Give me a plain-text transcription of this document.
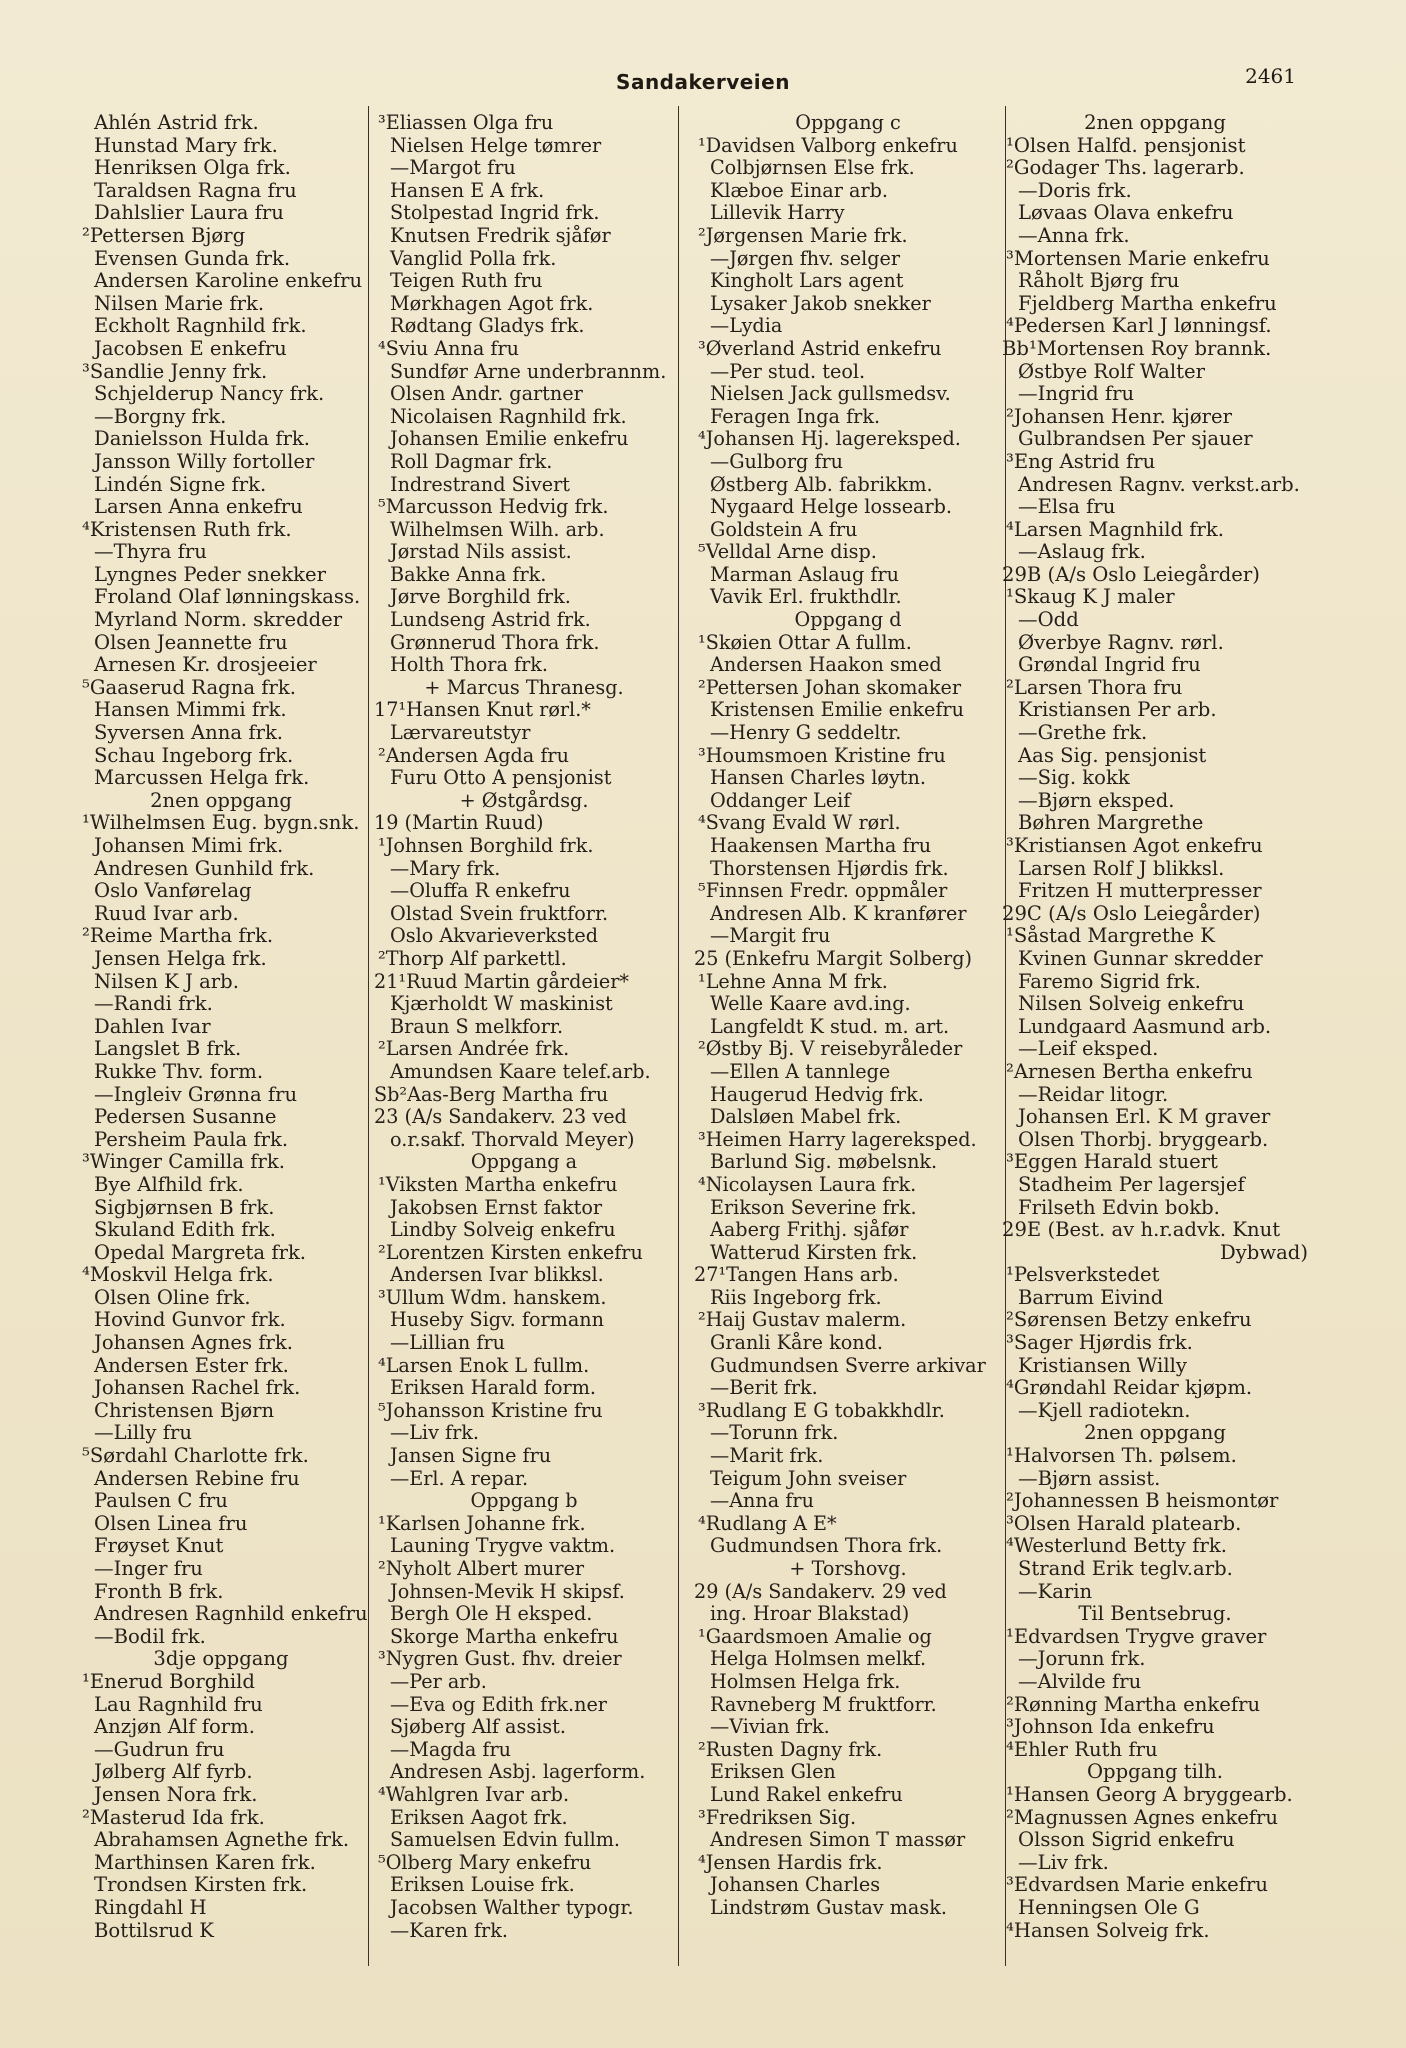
Sandakerveien	2461
Ahlén Astrid frk.
Hunstad Mary frk.
Henriksen Olga frk.
Taraldsen Ragna fru
Dahlslier Laura fru
²Pettersen Bjørg
Evensen Gunda frk.
Andersen Karoline enkefru
Nilsen Marie frk.
Eckholt Ragnhild frk.
Jacobsen E enkefru
³Sandlie Jenny frk.
Schjelderup Nancy frk.
—Borgny frk.
Danielsson Hulda frk.
Jansson Willy fortoller
Lindén Signe frk.
Larsen Anna enkefru
⁴Kristensen Ruth frk.
—Thyra fru
Lyngnes Peder snekker
Froland Olaf lønningskass.
Myrland Norm. skredder
Olsen Jeannette fru
Arnesen Kr. drosjeeier
⁵Gaaserud Ragna frk.
Hansen Mimmi frk.
Syversen Anna frk.
Schau Ingeborg frk.
Marcussen Helga frk.
2nen oppgang
¹Wilhelmsen Eug. bygn.snk.
Johansen Mimi frk.
Andresen Gunhild frk.
Oslo Vanførelag
Ruud Ivar arb.
²Reime Martha frk.
Jensen Helga frk.
Nilsen K J arb.
—Randi frk.
Dahlen Ivar
Langslet B frk.
Rukke Thv. form.
—Ingleiv Grønna fru
Pedersen Susanne
Persheim Paula frk.
³Winger Camilla frk.
Bye Alfhild frk.
Sigbjørnsen B frk.
Skuland Edith frk.
Opedal Margreta frk.
⁴Moskvil Helga frk.
Olsen Oline frk.
Hovind Gunvor frk.
Johansen Agnes frk.
Andersen Ester frk.
Johansen Rachel frk.
Christensen Bjørn
—Lilly fru
⁵Sørdahl Charlotte frk.
Andersen Rebine fru
Paulsen C fru
Olsen Linea fru
Frøyset Knut
—Inger fru
Fronth B frk.
Andresen Ragnhild enkefru
—Bodil frk.
3dje oppgang
¹Enerud Borghild
Lau Ragnhild fru
Anzjøn Alf form.
—Gudrun fru
Jølberg Alf fyrb.
Jensen Nora frk.
²Masterud Ida frk.
Abrahamsen Agnethe frk.
Marthinsen Karen frk.
Trondsen Kirsten frk.
Ringdahl H
Bottilsrud K
³Eliassen Olga fru
Nielsen Helge tømrer
—Margot fru
Hansen E A frk.
Stolpestad Ingrid frk.
Knutsen Fredrik sjåfør
Vanglid Polla frk.
Teigen Ruth fru
Mørkhagen Agot frk.
Rødtang Gladys frk.
⁴Sviu Anna fru
Sundfør Arne underbrannm.
Olsen Andr. gartner
Nicolaisen Ragnhild frk.
Johansen Emilie enkefru
Roll Dagmar frk.
Indrestrand Sivert
⁵Marcusson Hedvig frk.
Wilhelmsen Wilh. arb.
Jørstad Nils assist.
Bakke Anna frk.
Jørve Borghild frk.
Lundseng Astrid frk.
Grønnerud Thora frk.
Holth Thora frk.
+ Marcus Thranesg.
17¹Hansen Knut rørl.*
Lærvareutstyr
²Andersen Agda fru
Furu Otto A pensjonist
+ Østgårdsg.
19 (Martin Ruud)
¹Johnsen Borghild frk.
—Mary frk.
—Oluffa R enkefru
Olstad Svein fruktforr.
Oslo Akvarieverksted
²Thorp Alf parkettl.
21¹Ruud Martin gårdeier*
Kjærholdt W maskinist
Braun S melkforr.
²Larsen Andrée frk.
Amundsen Kaare telef.arb.
Sb²Aas-Berg Martha fru
23 (A/s Sandakerv. 23 ved
o.r.sakf. Thorvald Meyer)
Oppgang a
¹Viksten Martha enkefru
Jakobsen Ernst faktor
Lindby Solveig enkefru
²Lorentzen Kirsten enkefru
Andersen Ivar blikksl.
³Ullum Wdm. hanskem.
Huseby Sigv. formann
—Lillian fru
⁴Larsen Enok L fullm.
Eriksen Harald form.
⁵Johansson Kristine fru
—Liv frk.
Jansen Signe fru
—Erl. A repar.
Oppgang b
¹Karlsen Johanne frk.
Launing Trygve vaktm.
²Nyholt Albert murer
Johnsen-Mevik H skipsf.
Bergh Ole H eksped.
Skorge Martha enkefru
³Nygren Gust. fhv. dreier
—Per arb.
—Eva og Edith frk.ner
Sjøberg Alf assist.
—Magda fru
Andresen Asbj. lagerform.
⁴Wahlgren Ivar arb.
Eriksen Aagot frk.
Samuelsen Edvin fullm.
⁵Olberg Mary enkefru
Eriksen Louise frk.
Jacobsen Walther typogr.
—Karen frk.
Oppgang c
¹Davidsen Valborg enkefru
Colbjørnsen Else frk.
Klæboe Einar arb.
Lillevik Harry
²Jørgensen Marie frk.
—Jørgen fhv. selger
Kingholt Lars agent
Lysaker Jakob snekker
—Lydia
³Øverland Astrid enkefru
—Per stud. teol.
Nielsen Jack gullsmedsv.
Feragen Inga frk.
⁴Johansen Hj. lagereksped.
—Gulborg fru
Østberg Alb. fabrikkm.
Nygaard Helge lossearb.
Goldstein A fru
⁵Velldal Arne disp.
Marman Aslaug fru
Vavik Erl. frukthdlr.
Oppgang d
¹Skøien Ottar A fullm.
Andersen Haakon smed
²Pettersen Johan skomaker
Kristensen Emilie enkefru
—Henry G seddeltr.
³Houmsmoen Kristine fru
Hansen Charles løytn.
Oddanger Leif
⁴Svang Evald W rørl.
Haakensen Martha fru
Thorstensen Hjørdis frk.
⁵Finnsen Fredr. oppmåler
Andresen Alb. K kranfører
—Margit fru
25 (Enkefru Margit Solberg)
¹Lehne Anna M frk.
Welle Kaare avd.ing.
Langfeldt K stud. m. art.
²Østby Bj. V reisebyråleder
—Ellen A tannlege
Haugerud Hedvig frk.
Dalsløen Mabel frk.
³Heimen Harry lagereksped.
Barlund Sig. møbelsnk.
⁴Nicolaysen Laura frk.
Erikson Severine frk.
Aaberg Frithj. sjåfør
Watterud Kirsten frk.
27¹Tangen Hans arb.
Riis Ingeborg frk.
²Haij Gustav malerm.
Granli Kåre kond.
Gudmundsen Sverre arkivar
—Berit frk.
³Rudlang E G tobakkhdlr.
—Torunn frk.
—Marit frk.
Teigum John sveiser
—Anna fru
⁴Rudlang A E*
Gudmundsen Thora frk.
+ Torshovg.
29 (A/s Sandakerv. 29 ved
ing. Hroar Blakstad)
¹Gaardsmoen Amalie og
Helga Holmsen melkf.
Holmsen Helga frk.
Ravneberg M fruktforr.
—Vivian frk.
²Rusten Dagny frk.
Eriksen Glen
Lund Rakel enkefru
³Fredriksen Sig.
Andresen Simon T massør
⁴Jensen Hardis frk.
Johansen Charles
Lindstrøm Gustav mask.
2nen oppgang
¹Olsen Halfd. pensjonist
²Godager Ths. lagerarb.
—Doris frk.
Løvaas Olava enkefru
—Anna frk.
³Mortensen Marie enkefru
Råholt Bjørg fru
Fjeldberg Martha enkefru
⁴Pedersen Karl J lønningsf.
Bb¹Mortensen Roy brannk.
Østbye Rolf Walter
—Ingrid fru
²Johansen Henr. kjører
Gulbrandsen Per sjauer
³Eng Astrid fru
Andresen Ragnv. verkst.arb.
—Elsa fru
⁴Larsen Magnhild frk.
—Aslaug frk.
29B (A/s Oslo Leiegårder)
¹Skaug K J maler
—Odd
Øverbye Ragnv. rørl.
Grøndal Ingrid fru
²Larsen Thora fru
Kristiansen Per arb.
—Grethe frk.
Aas Sig. pensjonist
—Sig. kokk
—Bjørn eksped.
Bøhren Margrethe
³Kristiansen Agot enkefru
Larsen Rolf J blikksl.
Fritzen H mutterpresser
29C (A/s Oslo Leiegårder)
¹Såstad Margrethe K
Kvinen Gunnar skredder
Faremo Sigrid frk.
Nilsen Solveig enkefru
Lundgaard Aasmund arb.
—Leif eksped.
²Arnesen Bertha enkefru
—Reidar litogr.
Johansen Erl. K M graver
Olsen Thorbj. bryggearb.
³Eggen Harald stuert
Stadheim Per lagersjef
Frilseth Edvin bokb.
29E (Best. av h.r.advk. Knut
Dybwad)
¹Pelsverkstedet
Barrum Eivind
²Sørensen Betzy enkefru
³Sager Hjørdis frk.
Kristiansen Willy
⁴Grøndahl Reidar kjøpm.
—Kjell radiotekn.
2nen oppgang
¹Halvorsen Th. pølsem.
—Bjørn assist.
²Johannessen B heismontør
³Olsen Harald platearb.
⁴Westerlund Betty frk.
Strand Erik teglv.arb.
—Karin
Til Bentsebrug.
¹Edvardsen Trygve graver
—Jorunn frk.
—Alvilde fru
²Rønning Martha enkefru
³Johnson Ida enkefru
⁴Ehler Ruth fru
Oppgang tilh.
¹Hansen Georg A bryggearb.
²Magnussen Agnes enkefru
Olsson Sigrid enkefru
—Liv frk.
³Edvardsen Marie enkefru
Henningsen Ole G
⁴Hansen Solveig frk.
